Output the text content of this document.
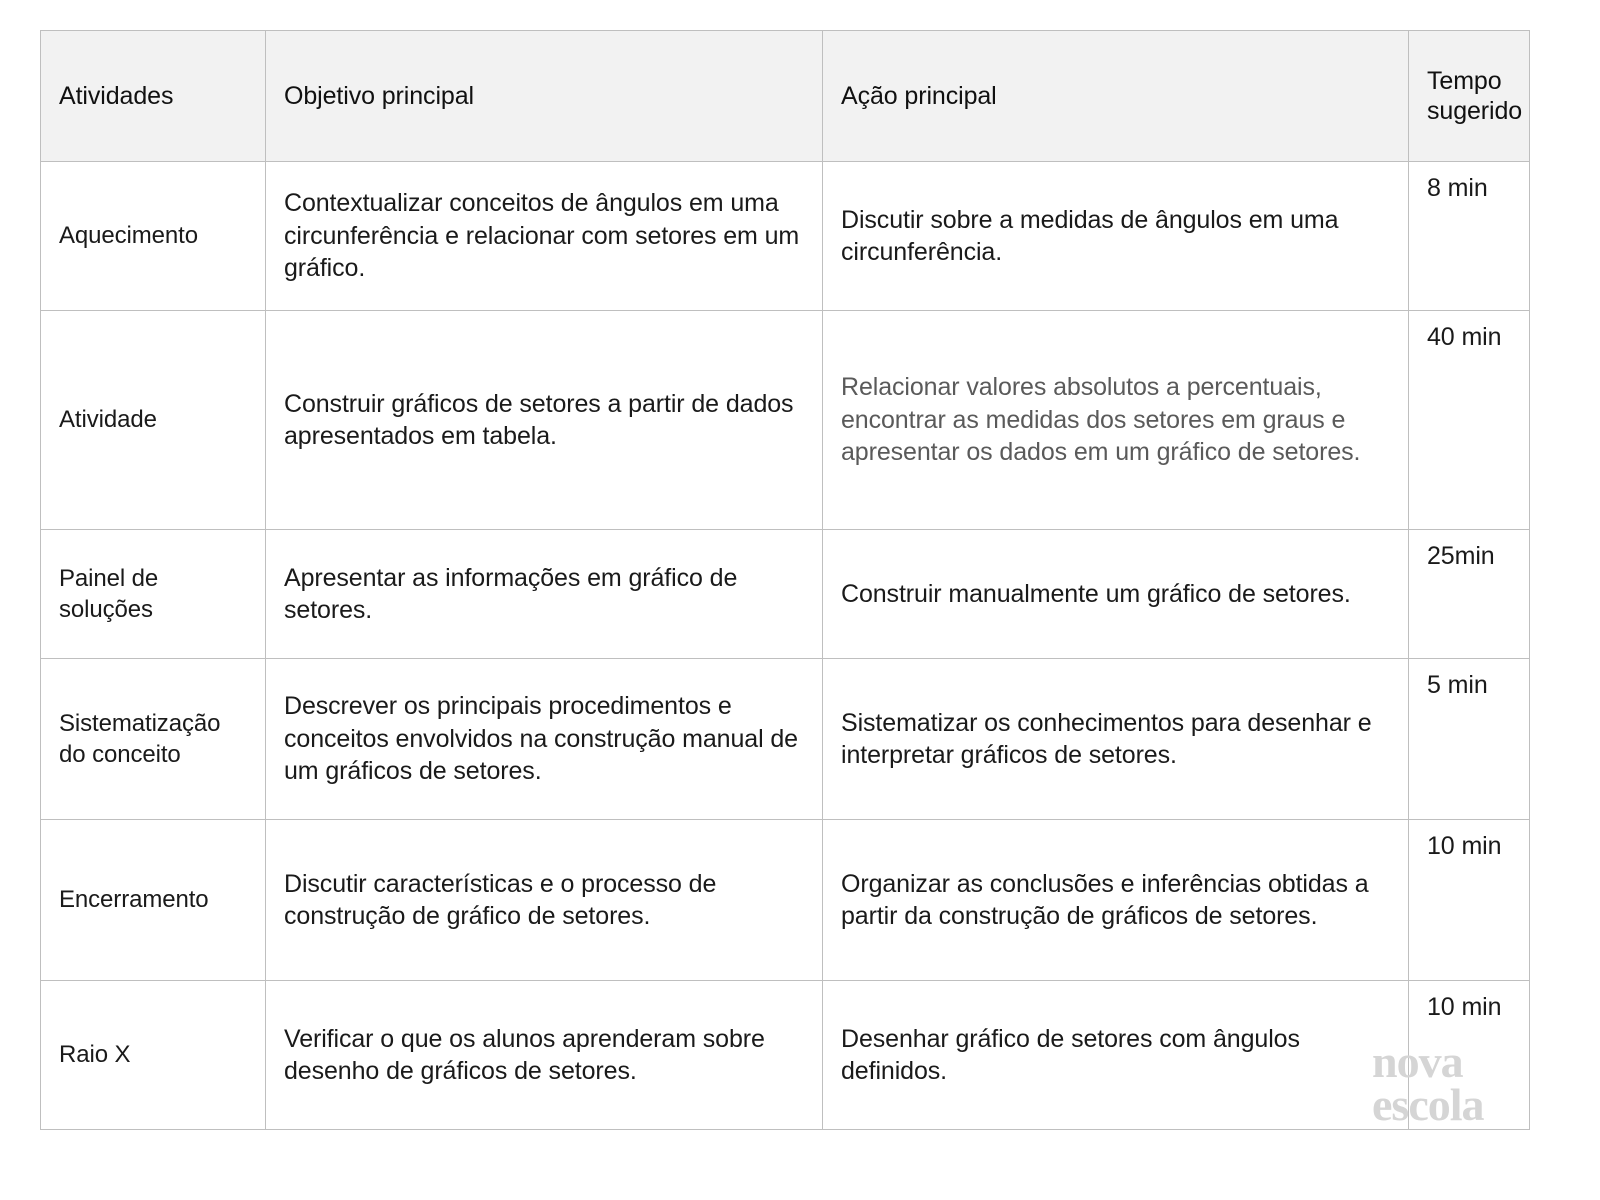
Atividades	Objetivo principal	Ação principal	Tempo sugerido
Aquecimento	Contextualizar conceitos de ângulos em uma circunferência e relacionar com setores em um gráfico.	Discutir sobre a medidas de ângulos em uma circunferência.	8 min
Atividade	Construir gráficos de setores a partir de dados apresentados em tabela.	Relacionar valores absolutos a percentuais, encontrar as medidas dos setores em graus e apresentar os dados em um gráfico de setores.	40 min
Painel de soluções	Apresentar as informações em gráfico de setores.	Construir manualmente um gráfico de setores.	25min
Sistematização do conceito	Descrever os principais procedimentos e conceitos envolvidos na construção manual de um gráficos de setores.	Sistematizar os conhecimentos para desenhar e interpretar gráficos de setores.	5 min
Encerramento	Discutir características e o processo de construção de gráfico de setores.	Organizar as conclusões e inferências obtidas a partir da construção de gráficos de setores.	10 min
Raio X	Verificar o que os alunos aprenderam sobre desenho de gráficos de setores.	Desenhar gráfico de setores com ângulos definidos.	10 min
nova
escola
